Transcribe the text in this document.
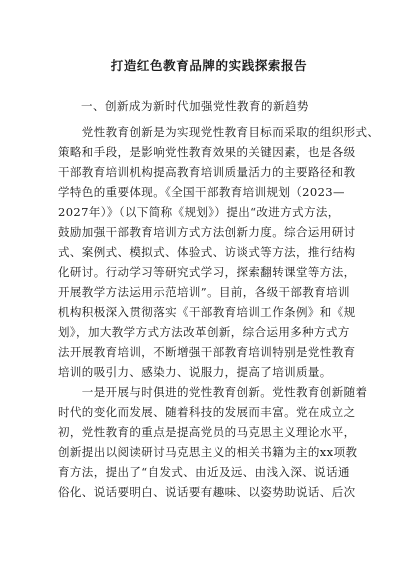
打造红色教育品牌的实践探索报告
一、创新成为新时代加强党性教育的新趋势
　　党性教育创新是为实现党性教育目标而采取的组织形式、
策略和手段，是影响党性教育效果的关键因素，也是各级
干部教育培训机构提高教育培训质量活力的主要路径和教
学特色的重要体现。《全国干部教育培训规划（2023—
2027年）》（以下简称《规划》）提出“改进方式方法，
鼓励加强干部教育培训方式方法创新力度。综合运用研讨
式、案例式、模拟式、体验式、访谈式等方法，推行结构
化研讨。行动学习等研究式学习，探索翻转课堂等方法，
开展教学方法运用示范培训”。目前，各级干部教育培训
机构积极深入贯彻落实《干部教育培训工作条例》和《规
划》，加大教学方式方法改革创新，综合运用多种方式方
法开展教育培训，不断增强干部教育培训特别是党性教育
培训的吸引力、感染力、说服力，提高了培训质量。
　　一是开展与时俱进的党性教育创新。党性教育创新随着
时代的变化而发展、随着科技的发展而丰富。党在成立之
初，党性教育的重点是提高党员的马克思主义理论水平，
创新提出以阅读研讨马克思主义的相关书籍为主的xx项教
育方法，提出了“自发式、由近及远、由浅入深、说话通
俗化、说话要明白、说话要有趣味、以姿势助说话、后次
